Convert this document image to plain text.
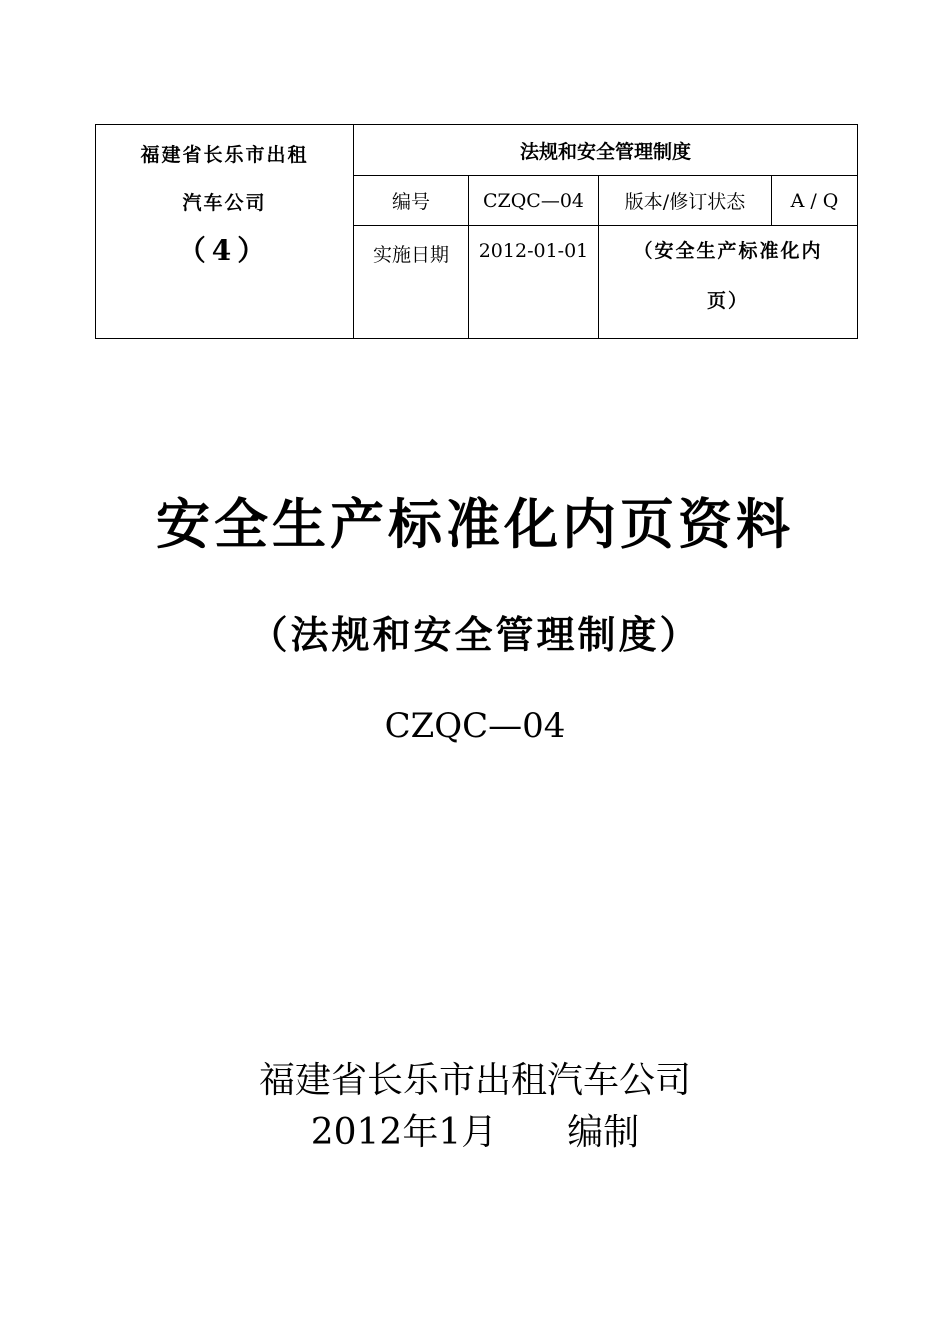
福建省长乐市出租
汽车公司
（4）	法规和安全管理制度			
	编号	CZQC—04	版本/修订状态	A / Q
	实施日期	2012-01-01	（安全生产标准化内
页）	
安全生产标准化内页资料
（法规和安全管理制度）
CZQC—04
福建省长乐市出租汽车公司
2012年1月 编制
